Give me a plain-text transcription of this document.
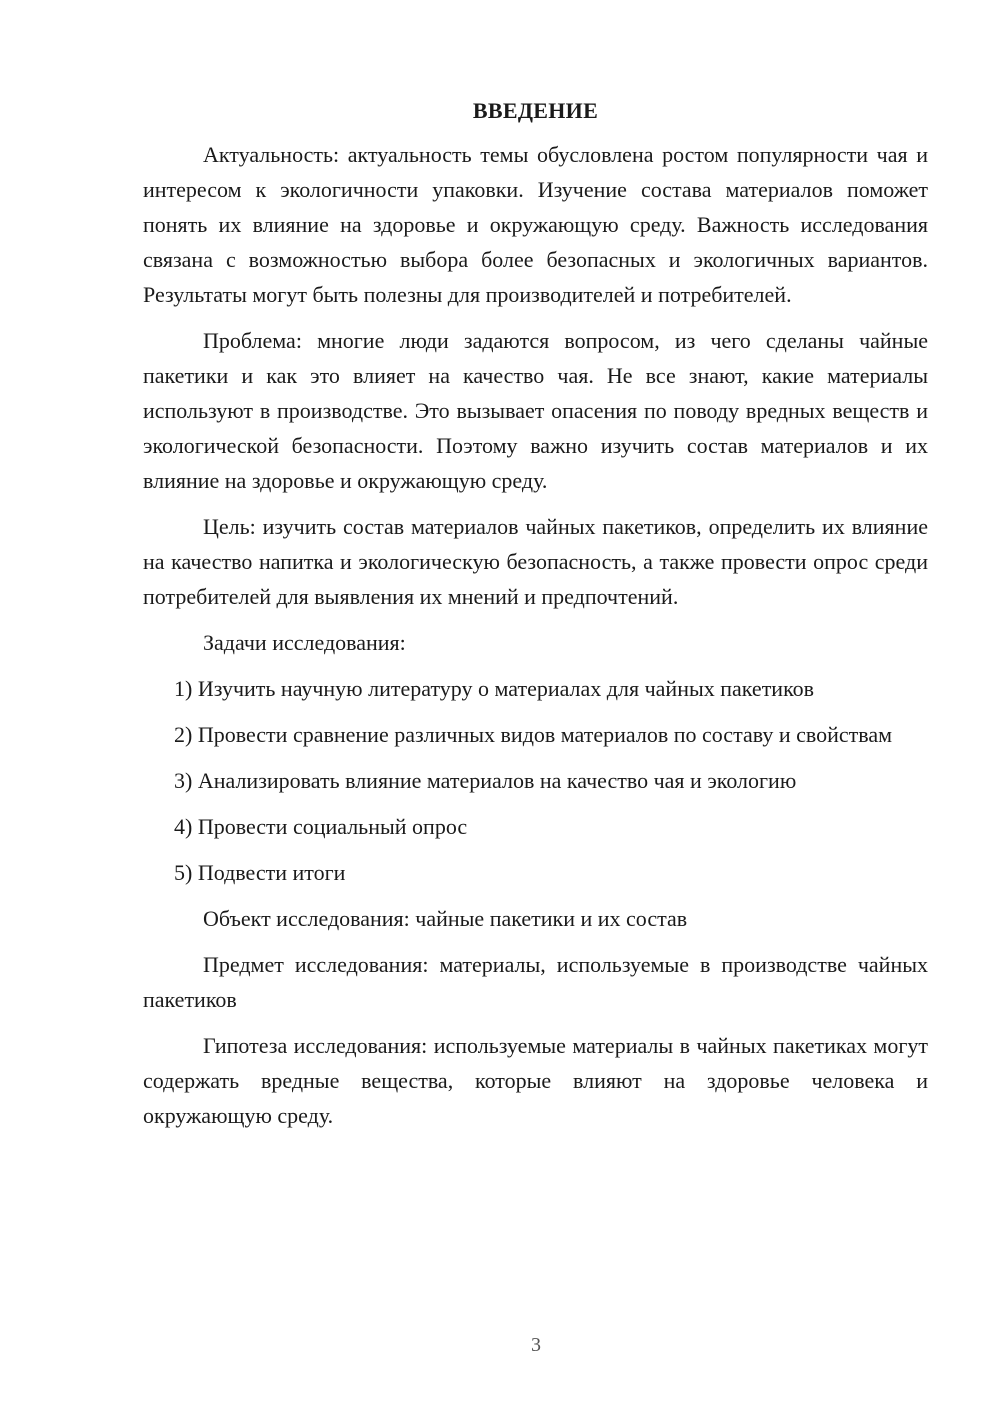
ВВЕДЕНИЕ

Актуальность: актуальность темы обусловлена ростом популярности чая и интересом к экологичности упаковки. Изучение состава материалов поможет понять их влияние на здоровье и окружающую среду. Важность исследования связана с возможностью выбора более безопасных и экологичных вариантов. Результаты могут быть полезны для производителей и потребителей.

Проблема: многие люди задаются вопросом, из чего сделаны чайные пакетики и как это влияет на качество чая. Не все знают, какие материалы используют в производстве. Это вызывает опасения по поводу вредных веществ и экологической безопасности. Поэтому важно изучить состав материалов и их влияние на здоровье и окружающую среду.

Цель: изучить состав материалов чайных пакетиков, определить их влияние на качество напитка и экологическую безопасность, а также провести опрос среди потребителей для выявления их мнений и предпочтений.

Задачи исследования:

1) Изучить научную литературу о материалах для чайных пакетиков

2) Провести сравнение различных видов материалов по составу и свойствам

3) Анализировать влияние материалов на качество чая и экологию

4) Провести социальный опрос

5) Подвести итоги

Объект исследования: чайные пакетики и их состав

Предмет исследования: материалы, используемые в производстве чайных пакетиков

Гипотеза исследования: используемые материалы в чайных пакетиках могут содержать вредные вещества, которые влияют на здоровье человека и окружающую среду.

3
